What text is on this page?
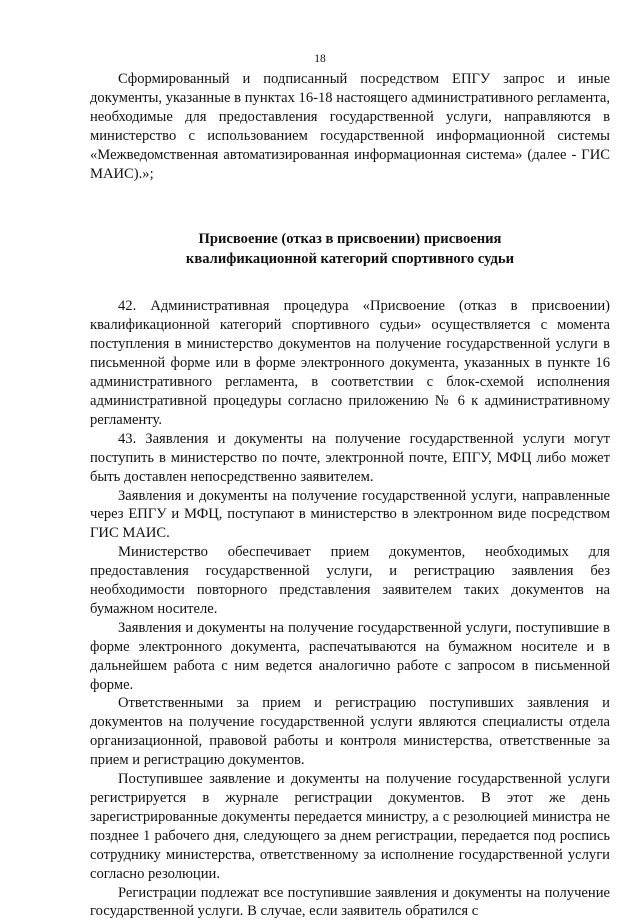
18

Сформированный и подписанный посредством ЕПГУ запрос и иные документы, указанные в пунктах 16-18 настоящего административного регламента, необходимые для предоставления государственной услуги, направляются в министерство с использованием государственной информационной системы «Межведомственная автоматизированная информационная система» (далее - ГИС МАИС).»;

Присвоение (отказ в присвоении) присвоения
квалификационной категорий спортивного судьи

42. Административная процедура «Присвоение (отказ в присвоении) квалификационной категорий спортивного судьи» осуществляется с момента поступления в министерство документов на получение государственной услуги в письменной форме или в форме электронного документа, указанных в пункте 16 административного регламента, в соответствии с блок-схемой исполнения административной процедуры согласно приложению № 6 к административному регламенту.

43. Заявления и документы на получение государственной услуги могут поступить в министерство по почте, электронной почте, ЕПГУ, МФЦ либо может быть доставлен непосредственно заявителем.

Заявления и документы на получение государственной услуги, направленные через ЕПГУ и МФЦ, поступают в министерство в электронном виде посредством ГИС МАИС.

Министерство обеспечивает прием документов, необходимых для предоставления государственной услуги, и регистрацию заявления без необходимости повторного представления заявителем таких документов на бумажном носителе.

Заявления и документы на получение государственной услуги, поступившие в форме электронного документа, распечатываются на бумажном носителе и в дальнейшем работа с ним ведется аналогично работе с запросом в письменной форме.

Ответственными за прием и регистрацию поступивших заявления и документов на получение государственной услуги являются специалисты отдела организационной, правовой работы и контроля министерства, ответственные за прием и регистрацию документов.

Поступившее заявление и документы на получение государственной услуги регистрируется в журнале регистрации документов. В этот же день зарегистрированные документы передается министру, а с резолюцией министра не позднее 1 рабочего дня, следующего за днем регистрации, передается под роспись сотруднику министерства, ответственному за исполнение государственной услуги согласно резолюции.

Регистрации подлежат все поступившие заявления и документы на получение государственной услуги. В случае, если заявитель обратился с
